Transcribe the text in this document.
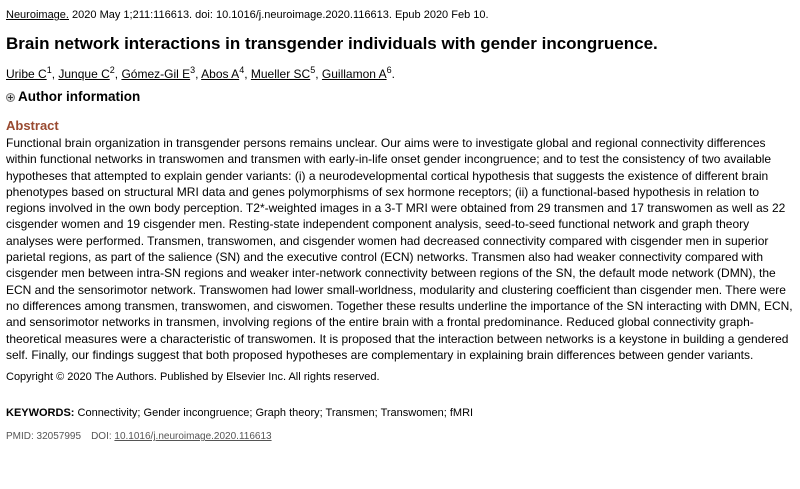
Neuroimage. 2020 May 1;211:116613. doi: 10.1016/j.neuroimage.2020.116613. Epub 2020 Feb 10.
Brain network interactions in transgender individuals with gender incongruence.
Uribe $C^1$, Junque $C^2$, Gómez-Gil $E^3$, Abos $A^4$, Mueller $SC^5$, Guillamon $A^6$.
Author information
Abstract

Functional brain organization in transgender persons remains unclear. Our aims were to investigate global and regional connectivity differences within functional networks in transwomen and transmen with early-in-life onset gender incongruence; and to test the consistency of two available hypotheses that attempted to explain gender variants: (i) a neurodevelopmental cortical hypothesis that suggests the existence of different brain phenotypes based on structural MRI data and genes polymorphisms of sex hormone receptors; (ii) a functional-based hypothesis in relation to regions involved in the own body perception. T2*-weighted images in a 3-T MRI were obtained from 29 transmen and 17 transwomen as well as 22 cisgender women and 19 cisgender men. Resting-state independent component analysis, seed-to-seed functional network and graph theory analyses were performed. Transmen, transwomen, and cisgender women had decreased connectivity compared with cisgender men in superior parietal regions, as part of the salience (SN) and the executive control (ECN) networks. Transmen also had weaker connectivity compared with cisgender men between intra-SN regions and weaker inter-network connectivity between regions of the SN, the default mode network (DMN), the ECN and the sensorimotor network. Transwomen had lower small-worldness, modularity and clustering coefficient than cisgender men. There were no differences among transmen, transwomen, and ciswomen. Together these results underline the importance of the SN interacting with DMN, ECN, and sensorimotor networks in transmen, involving regions of the entire brain with a frontal predominance. Reduced global connectivity graph-theoretical measures were a characteristic of transwomen. It is proposed that the interaction between networks is a keystone in building a gendered self. Finally, our findings suggest that both proposed hypotheses are complementary in explaining brain differences between gender variants.

Copyright © 2020 The Authors. Published by Elsevier Inc. All rights reserved.
KEYWORDS: Connectivity; Gender incongruence; Graph theory; Transmen; Transwomen; fMRI
PMID: 32057995 DOI: 10.1016/j.neuroimage.2020.116613
